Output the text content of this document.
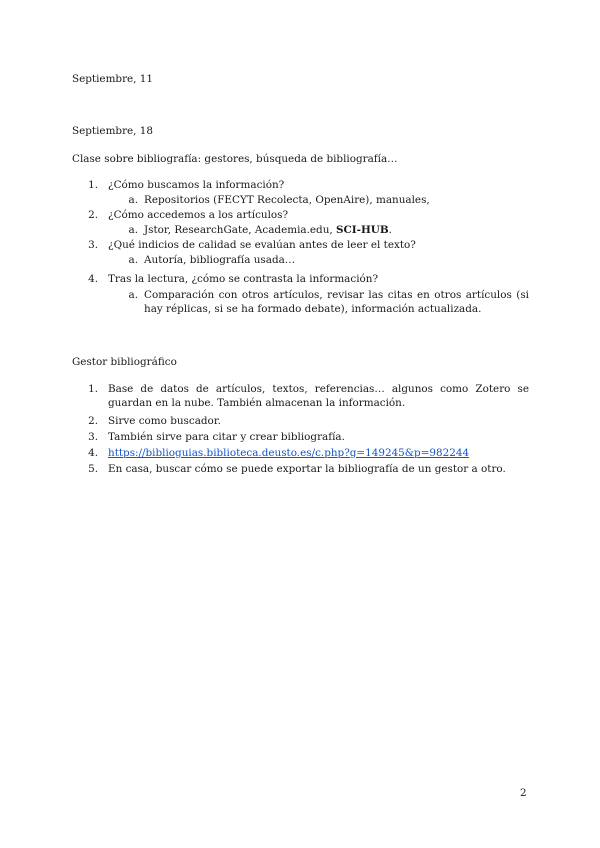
Septiembre, 11
Septiembre, 18
Clase sobre bibliografía: gestores, búsqueda de bibliografía…
1. ¿Cómo buscamos la información?
a. Repositorios (FECYT Recolecta, OpenAire), manuales,
2. ¿Cómo accedemos a los artículos?
a. Jstor, ResearchGate, Academia.edu, SCI-HUB.
3. ¿Qué indicios de calidad se evalúan antes de leer el texto?
a. Autoría, bibliografía usada…
4. Tras la lectura, ¿cómo se contrasta la información?
a. Comparación con otros artículos, revisar las citas en otros artículos (si hay réplicas, si se ha formado debate), información actualizada.
Gestor bibliográfico
1. Base de datos de artículos, textos, referencias… algunos como Zotero se guardan en la nube. También almacenan la información.
2. Sirve como buscador.
3. También sirve para citar y crear bibliografía.
4. https://biblioguias.biblioteca.deusto.es/c.php?g=149245&p=982244
5. En casa, buscar cómo se puede exportar la bibliografía de un gestor a otro.
2
